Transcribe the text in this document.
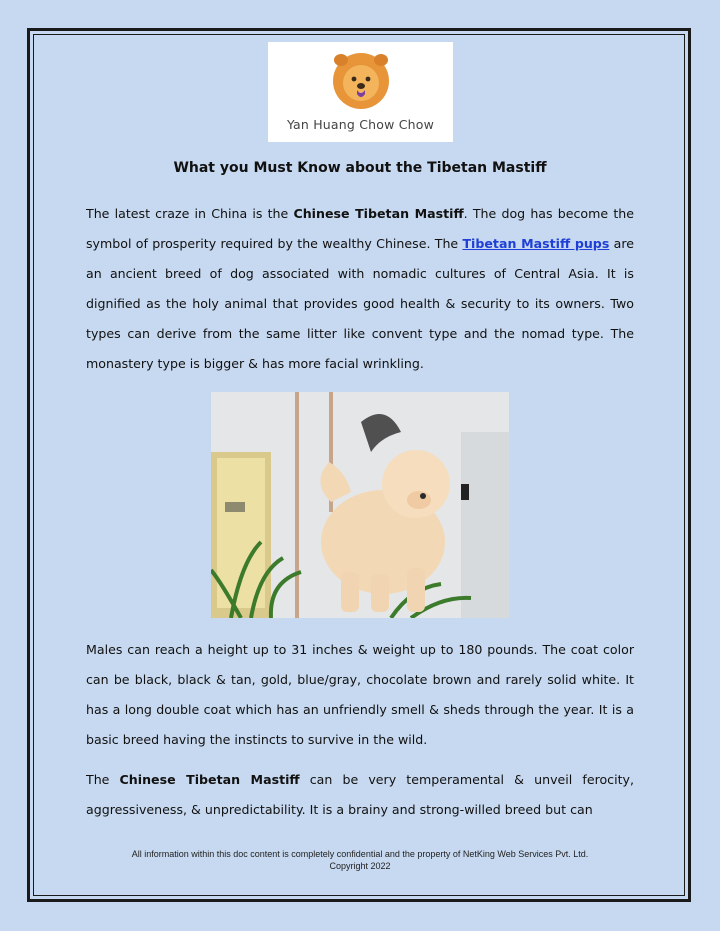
Yan Huang Chow Chow
What you Must Know about the Tibetan Mastiff

The latest craze in China is the Chinese Tibetan Mastiff. The dog has become the symbol of prosperity required by the wealthy Chinese. The Tibetan Mastiff pups are an ancient breed of dog associated with nomadic cultures of Central Asia. It is dignified as the holy animal that provides good health & security to its owners. Two types can derive from the same litter like convent type and the nomad type. The monastery type is bigger & has more facial wrinkling.

Males can reach a height up to 31 inches & weight up to 180 pounds. The coat color can be black, black & tan, gold, blue/gray, chocolate brown and rarely solid white. It has a long double coat which has an unfriendly smell & sheds through the year. It is a basic breed having the instincts to survive in the wild.

The Chinese Tibetan Mastiff can be very temperamental & unveil ferocity, aggressiveness, & unpredictability. It is a brainy and strong-willed breed but can

All information within this doc content is completely confidential and the property of NetKing Web Services Pvt. Ltd.
Copyright 2022
